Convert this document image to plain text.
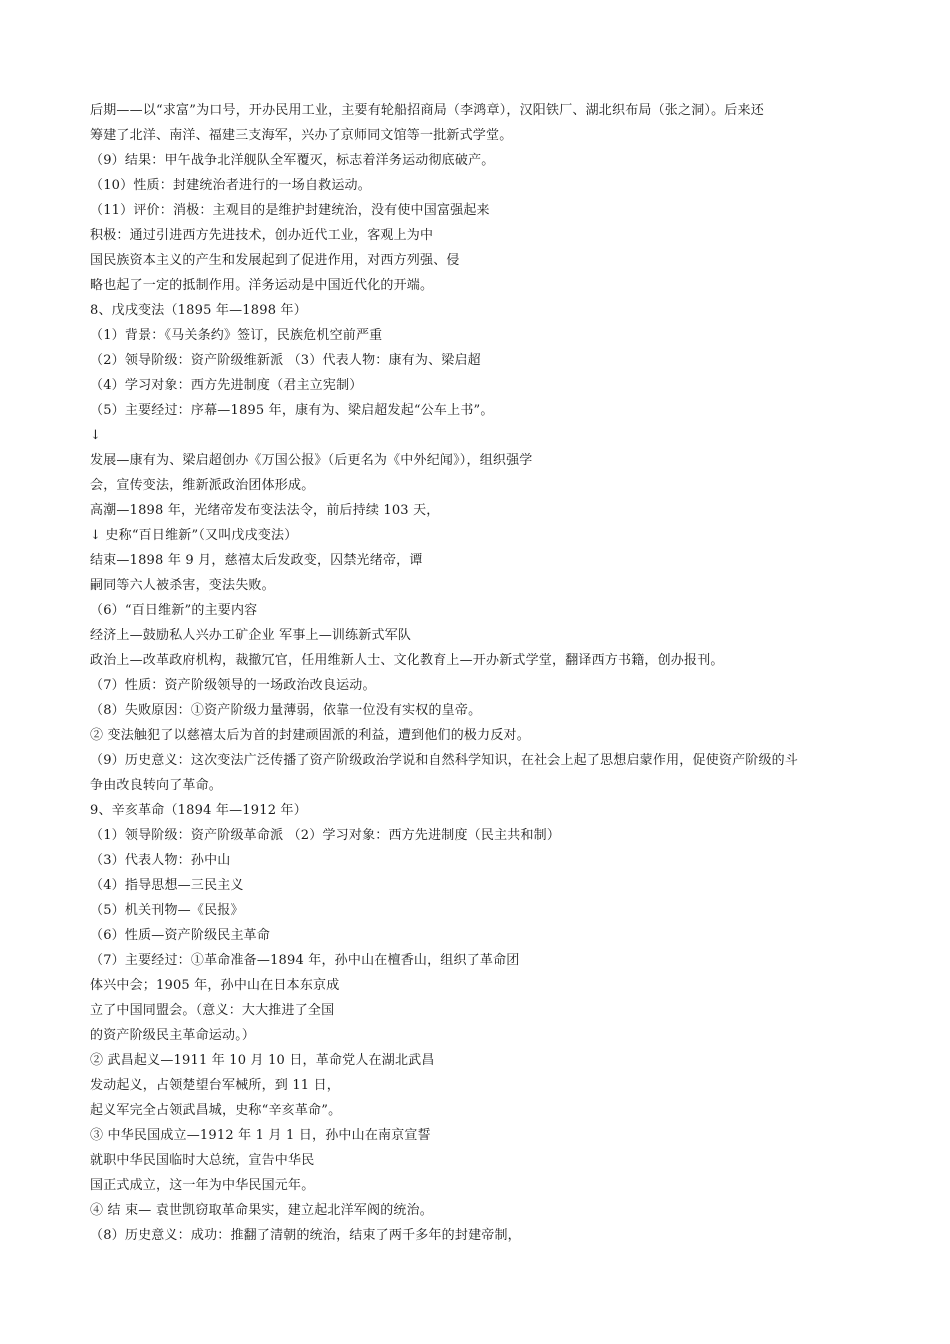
后期——以“求富”为口号，开办民用工业，主要有轮船招商局（李鸿章），汉阳铁厂、湖北织布局（张之洞）。后来还
筹建了北洋、南洋、福建三支海军，兴办了京师同文馆等一批新式学堂。
（9）结果：甲午战争北洋舰队全军覆灭，标志着洋务运动彻底破产。
（10）性质：封建统治者进行的一场自救运动。
（11）评价：消极：主观目的是维护封建统治，没有使中国富强起来
积极：通过引进西方先进技术，创办近代工业，客观上为中
国民族资本主义的产生和发展起到了促进作用，对西方列强、侵
略也起了一定的抵制作用。洋务运动是中国近代化的开端。
8、戊戌变法（1895 年—1898 年）
（1）背景：《马关条约》签订，民族危机空前严重
（2）领导阶级：资产阶级维新派 （3）代表人物：康有为、梁启超
（4）学习对象：西方先进制度（君主立宪制）
（5）主要经过：序幕—1895 年，康有为、梁启超发起“公车上书”。
↓
发展—康有为、梁启超创办《万国公报》（后更名为《中外纪闻》），组织强学
会，宣传变法，维新派政治团体形成。
高潮—1898 年，光绪帝发布变法法令，前后持续 103 天，
↓ 史称“百日维新”（又叫戊戌变法）
结束—1898 年 9 月，慈禧太后发政变，囚禁光绪帝，谭
嗣同等六人被杀害，变法失败。
（6）“百日维新”的主要内容
经济上—鼓励私人兴办工矿企业 军事上—训练新式军队
政治上—改革政府机构，裁撤冗官，任用维新人士、文化教育上—开办新式学堂，翻译西方书籍，创办报刊。
（7）性质：资产阶级领导的一场政治改良运动。
（8）失败原因：①资产阶级力量薄弱，依靠一位没有实权的皇帝。
② 变法触犯了以慈禧太后为首的封建顽固派的利益，遭到他们的极力反对。
（9）历史意义：这次变法广泛传播了资产阶级政治学说和自然科学知识，在社会上起了思想启蒙作用，促使资产阶级的斗
争由改良转向了革命。
9、辛亥革命（1894 年—1912 年）
（1）领导阶级：资产阶级革命派 （2）学习对象：西方先进制度（民主共和制）
（3）代表人物：孙中山
（4）指导思想—三民主义
（5）机关刊物—《民报》
（6）性质—资产阶级民主革命
（7）主要经过：①革命准备—1894 年，孙中山在檀香山，组织了革命团
体兴中会；1905 年，孙中山在日本东京成
立了中国同盟会。（意义：大大推进了全国
的资产阶级民主革命运动。）
② 武昌起义—1911 年 10 月 10 日，革命党人在湖北武昌
发动起义，占领楚望台军械所，到 11 日，
起义军完全占领武昌城，史称“辛亥革命”。
③ 中华民国成立—1912 年 1 月 1 日，孙中山在南京宣誓
就职中华民国临时大总统，宣告中华民
国正式成立，这一年为中华民国元年。
④ 结 束— 袁世凯窃取革命果实，建立起北洋军阀的统治。
（8）历史意义：成功：推翻了清朝的统治，结束了两千多年的封建帝制，
